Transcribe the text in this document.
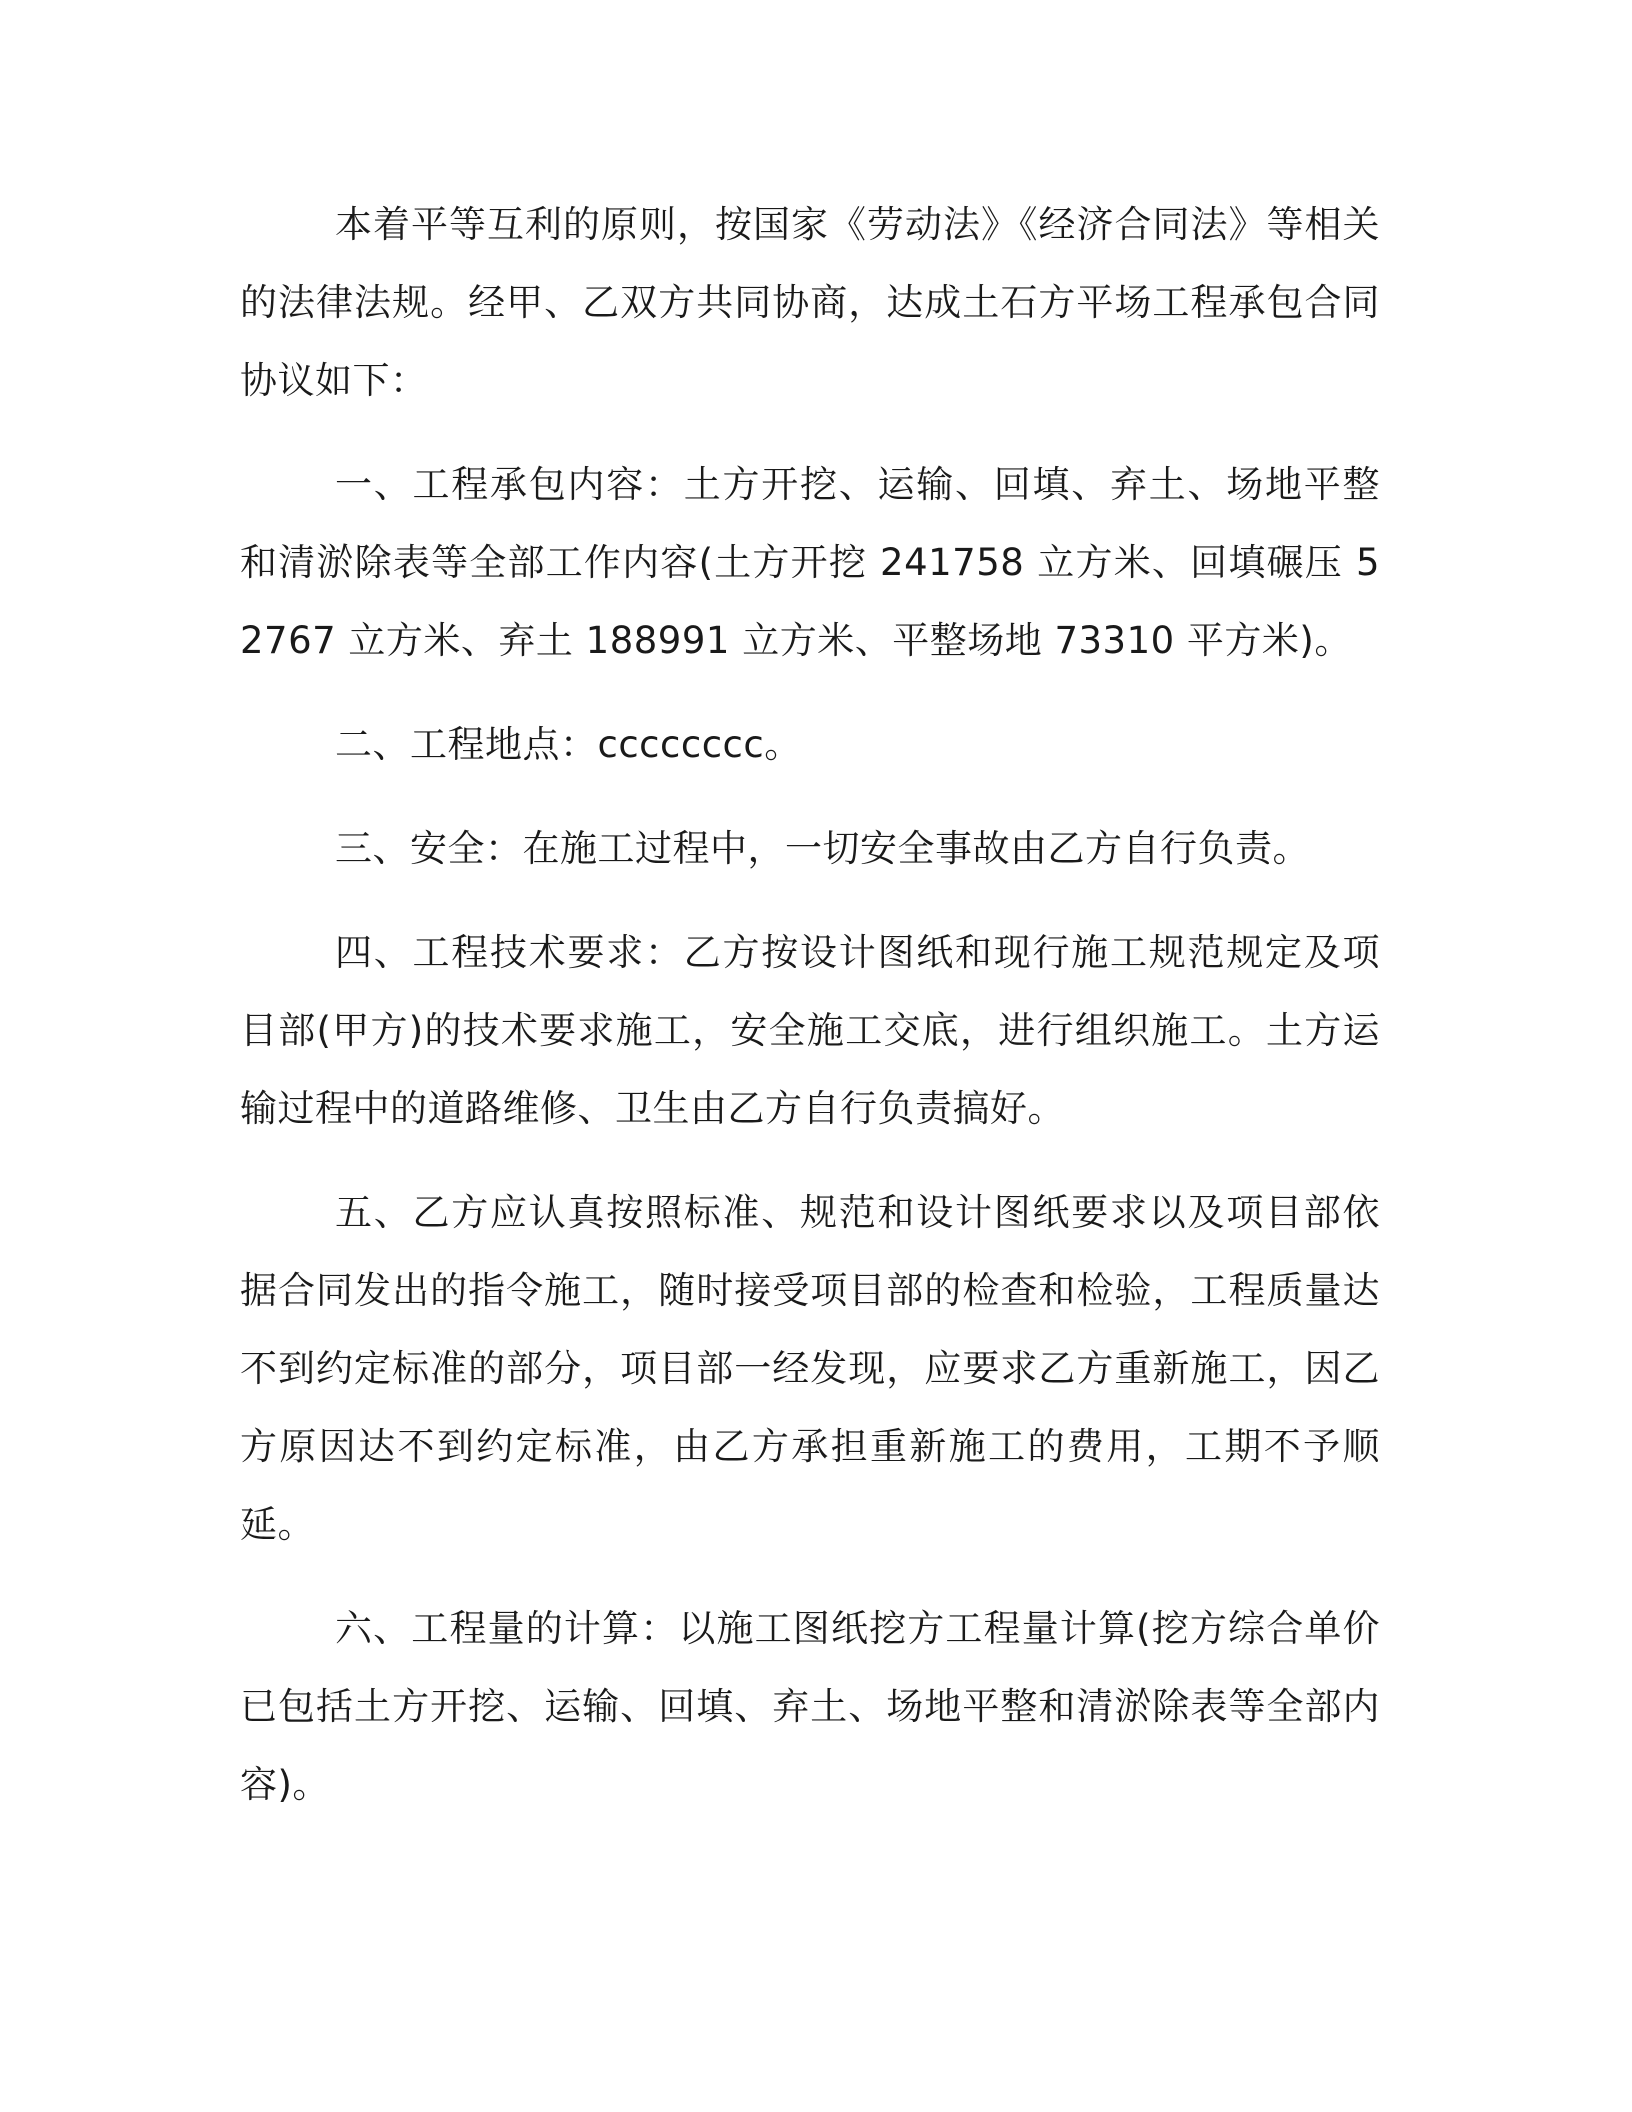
本着平等互利的原则，按国家《劳动法》《经济合同法》等相关的法律法规。经甲、乙双方共同协商，达成土石方平场工程承包合同协议如下：

一、工程承包内容：土方开挖、运输、回填、弃土、场地平整和清淤除表等全部工作内容(土方开挖 241758 立方米、回填碾压 52767 立方米、弃土 188991 立方米、平整场地 73310 平方米)。

二、工程地点：cccccccc。

三、安全：在施工过程中，一切安全事故由乙方自行负责。

四、工程技术要求：乙方按设计图纸和现行施工规范规定及项目部(甲方)的技术要求施工，安全施工交底，进行组织施工。土方运输过程中的道路维修、卫生由乙方自行负责搞好。

五、乙方应认真按照标准、规范和设计图纸要求以及项目部依据合同发出的指令施工，随时接受项目部的检查和检验，工程质量达不到约定标准的部分，项目部一经发现，应要求乙方重新施工，因乙方原因达不到约定标准，由乙方承担重新施工的费用，工期不予顺延。

六、工程量的计算：以施工图纸挖方工程量计算(挖方综合单价已包括土方开挖、运输、回填、弃土、场地平整和清淤除表等全部内容)。
